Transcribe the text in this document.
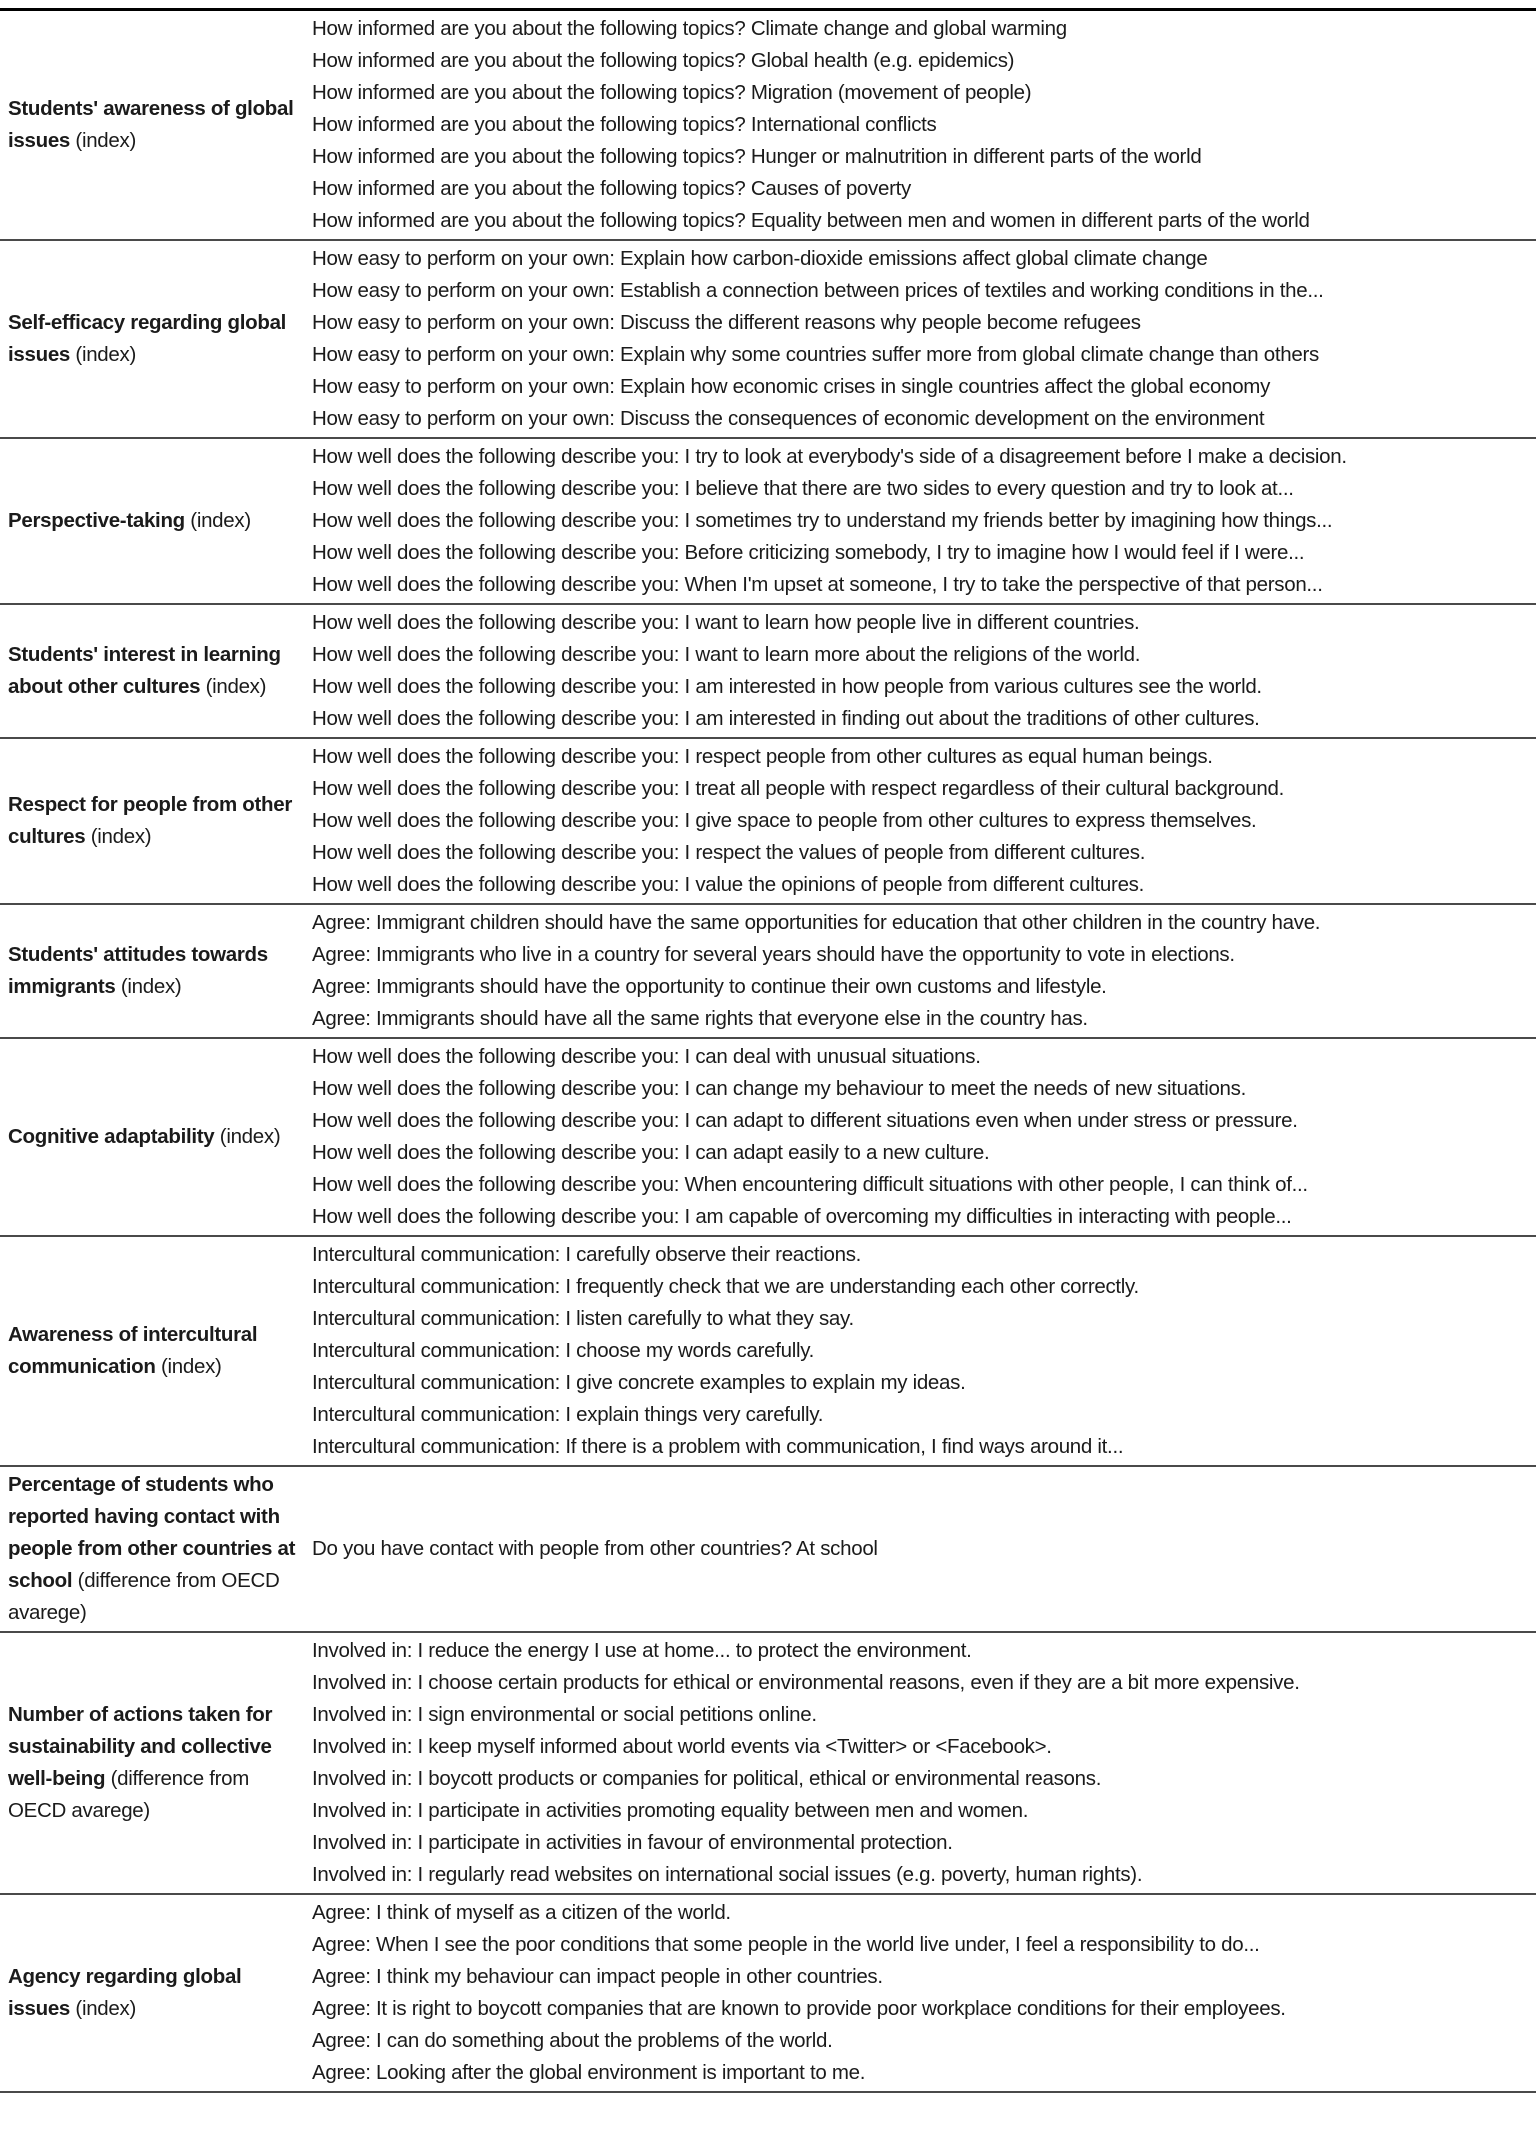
Students' awareness of global issues (index)
How informed are you about the following topics? Climate change and global warming
How informed are you about the following topics? Global health (e.g. epidemics)
How informed are you about the following topics? Migration (movement of people)
How informed are you about the following topics? International conflicts
How informed are you about the following topics? Hunger or malnutrition in different parts of the world
How informed are you about the following topics? Causes of poverty
How informed are you about the following topics? Equality between men and women in different parts of the world
Self-efficacy regarding global issues (index)
How easy to perform on your own: Explain how carbon-dioxide emissions affect global climate change
How easy to perform on your own: Establish a connection between prices of textiles and working conditions in the...
How easy to perform on your own: Discuss the different reasons why people become refugees
How easy to perform on your own: Explain why some countries suffer more from global climate change than others
How easy to perform on your own: Explain how economic crises in single countries affect the global economy
How easy to perform on your own: Discuss the consequences of economic development on the environment
Perspective-taking (index)
How well does the following describe you: I try to look at everybody's side of a disagreement before I make a decision.
How well does the following describe you: I believe that there are two sides to every question and try to look at...
How well does the following describe you: I sometimes try to understand my friends better by imagining how things...
How well does the following describe you: Before criticizing somebody, I try to imagine how I would feel if I were...
How well does the following describe you: When I'm upset at someone, I try to take the perspective of that person...
Students' interest in learning about other cultures (index)
How well does the following describe you: I want to learn how people live in different countries.
How well does the following describe you: I want to learn more about the religions of the world.
How well does the following describe you: I am interested in how people from various cultures see the world.
How well does the following describe you: I am interested in finding out about the traditions of other cultures.
Respect for people from other cultures (index)
How well does the following describe you: I respect people from other cultures as equal human beings.
How well does the following describe you: I treat all people with respect regardless of their cultural background.
How well does the following describe you: I give space to people from other cultures to express themselves.
How well does the following describe you: I respect the values of people from different cultures.
How well does the following describe you: I value the opinions of people from different cultures.
Students' attitudes towards immigrants (index)
Agree: Immigrant children should have the same opportunities for education that other children in the country have.
Agree: Immigrants who live in a country for several years should have the opportunity to vote in elections.
Agree: Immigrants should have the opportunity to continue their own customs and lifestyle.
Agree: Immigrants should have all the same rights that everyone else in the country has.
Cognitive adaptability (index)
How well does the following describe you: I can deal with unusual situations.
How well does the following describe you: I can change my behaviour to meet the needs of new situations.
How well does the following describe you: I can adapt to different situations even when under stress or pressure.
How well does the following describe you: I can adapt easily to a new culture.
How well does the following describe you: When encountering difficult situations with other people, I can think of...
How well does the following describe you: I am capable of overcoming my difficulties in interacting with people...
Awareness of intercultural communication (index)
Intercultural communication: I carefully observe their reactions.
Intercultural communication: I frequently check that we are understanding each other correctly.
Intercultural communication: I listen carefully to what they say.
Intercultural communication: I choose my words carefully.
Intercultural communication: I give concrete examples to explain my ideas.
Intercultural communication: I explain things very carefully.
Intercultural communication: If there is a problem with communication, I find ways around it...
Percentage of students who reported having contact with people from other countries at school (difference from OECD avarege)
Do you have contact with people from other countries? At school
Number of actions taken for sustainability and collective well-being (difference from OECD avarege)
Involved in: I reduce the energy I use at home... to protect the environment.
Involved in: I choose certain products for ethical or environmental reasons, even if they are a bit more expensive.
Involved in: I sign environmental or social petitions online.
Involved in: I keep myself informed about world events via <Twitter> or <Facebook>.
Involved in: I boycott products or companies for political, ethical or environmental reasons.
Involved in: I participate in activities promoting equality between men and women.
Involved in: I participate in activities in favour of environmental protection.
Involved in: I regularly read websites on international social issues (e.g. poverty, human rights).
Agency regarding global issues (index)
Agree: I think of myself as a citizen of the world.
Agree: When I see the poor conditions that some people in the world live under, I feel a responsibility to do...
Agree: I think my behaviour can impact people in other countries.
Agree: It is right to boycott companies that are known to provide poor workplace conditions for their employees.
Agree: I can do something about the problems of the world.
Agree: Looking after the global environment is important to me.
